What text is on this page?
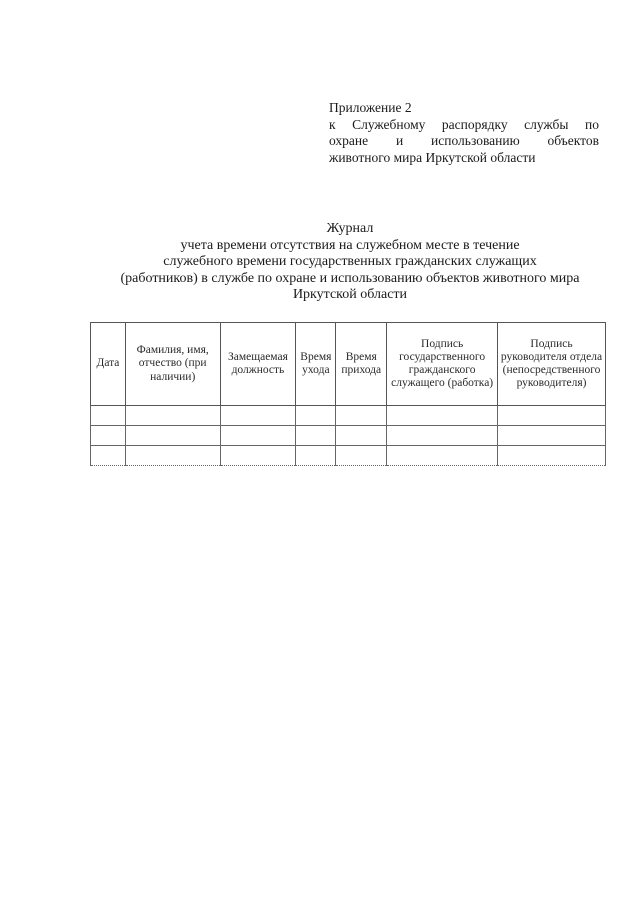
Приложение 2
к Служебному распорядку службы по
охране и использованию объектов
животного мира Иркутской области
Журнал
учета времени отсутствия на служебном месте в течение
служебного времени государственных гражданских служащих
(работников) в службе по охране и использованию объектов животного мира
Иркутской области
Дата	Фамилия, имя, отчество (при наличии)	Замещаемая должность	Время ухода	Время прихода	Подпись государственного гражданского служащего (работка)	Подпись руководителя отдела (непосредственного руководителя)
